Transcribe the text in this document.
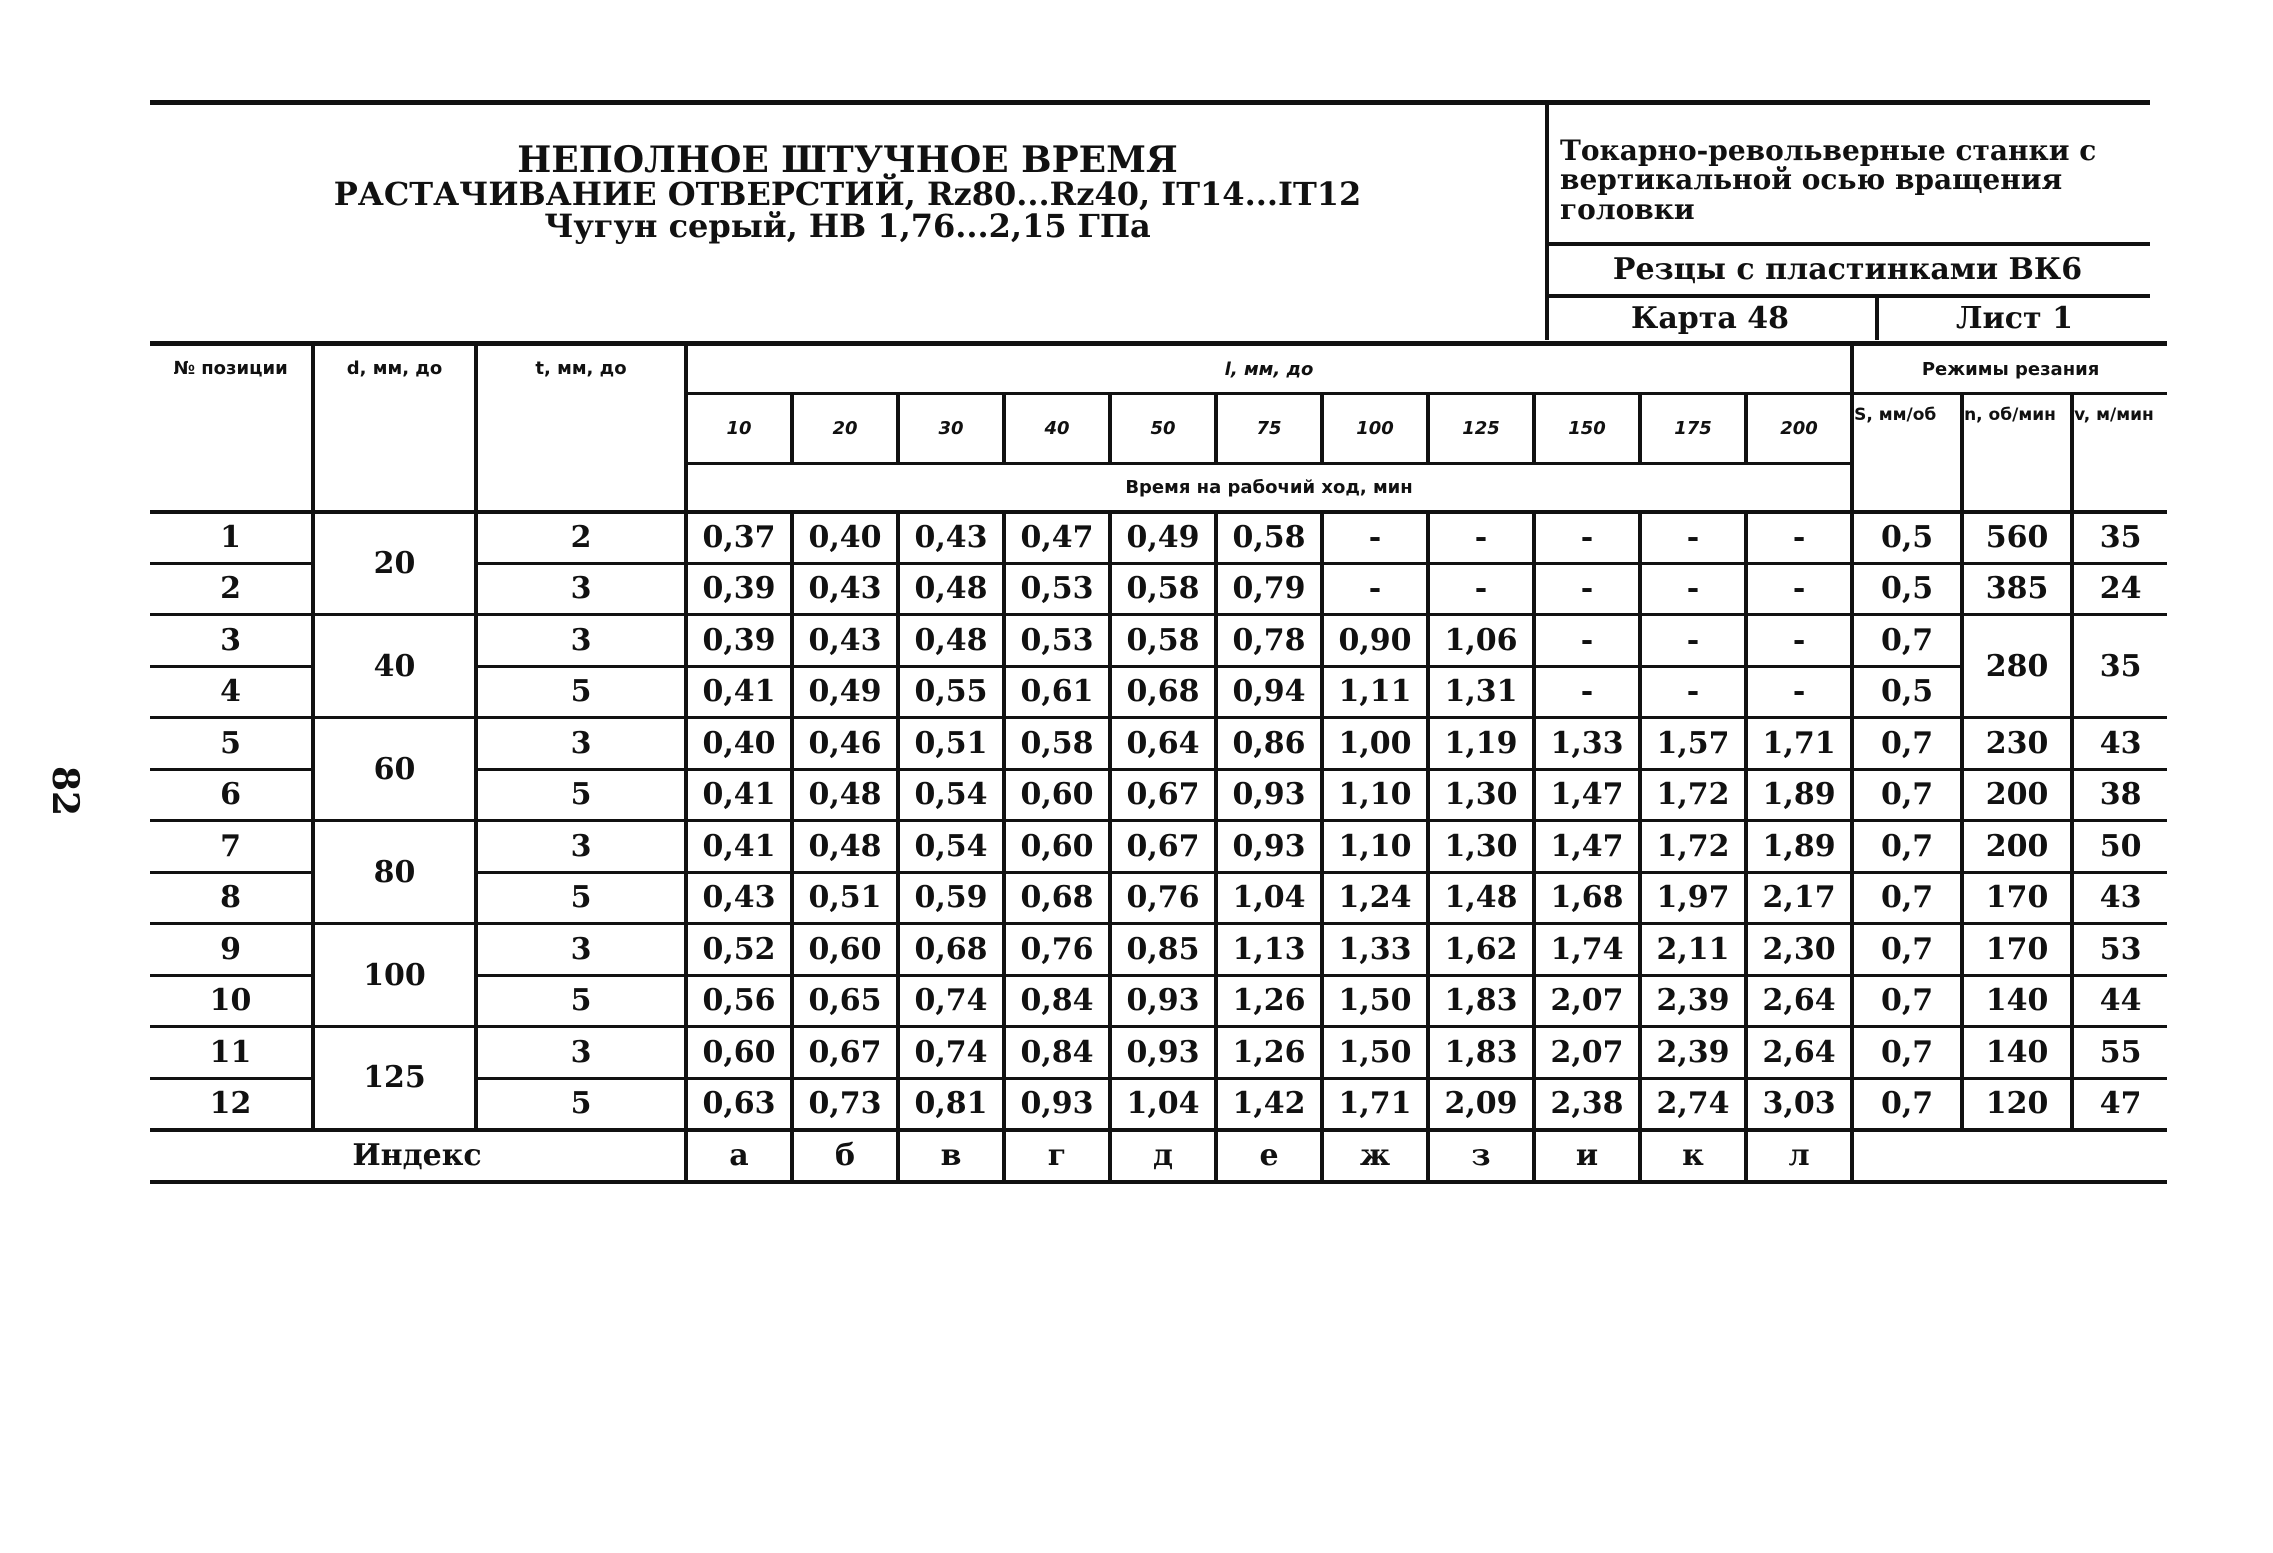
82
НЕПОЛНОЕ ШТУЧНОЕ ВРЕМЯ
РАСТАЧИВАНИЕ ОТВЕРСТИЙ, Rz80...Rz40, IT14...IT12
Чугун серый, НВ 1,76...2,15 ГПа
Токарно-револьверные станки с вертикальной осью вращения головки
Резцы с пластинками ВК6
Карта 48	Лист 1
№ позиции	d, мм, до	t, мм, до	l, мм, до											Режимы резания		
			10	20	30	40	50	75	100	125	150	175	200	S, мм/об	n, об/мин	v, м/мин
			Время на рабочий ход, мин													
1	20	2	0,37	0,40	0,43	0,47	0,49	0,58	-	-	-	-	-	0,5	560	35
2		3	0,39	0,43	0,48	0,53	0,58	0,79	-	-	-	-	-	0,5	385	24
3	40	3	0,39	0,43	0,48	0,53	0,58	0,78	0,90	1,06	-	-	-	0,7	280	35
4		5	0,41	0,49	0,55	0,61	0,68	0,94	1,11	1,31	-	-	-	0,5		
5	60	3	0,40	0,46	0,51	0,58	0,64	0,86	1,00	1,19	1,33	1,57	1,71	0,7	230	43
6		5	0,41	0,48	0,54	0,60	0,67	0,93	1,10	1,30	1,47	1,72	1,89	0,7	200	38
7	80	3	0,41	0,48	0,54	0,60	0,67	0,93	1,10	1,30	1,47	1,72	1,89	0,7	200	50
8		5	0,43	0,51	0,59	0,68	0,76	1,04	1,24	1,48	1,68	1,97	2,17	0,7	170	43
9	100	3	0,52	0,60	0,68	0,76	0,85	1,13	1,33	1,62	1,74	2,11	2,30	0,7	170	53
10		5	0,56	0,65	0,74	0,84	0,93	1,26	1,50	1,83	2,07	2,39	2,64	0,7	140	44
11	125	3	0,60	0,67	0,74	0,84	0,93	1,26	1,50	1,83	2,07	2,39	2,64	0,7	140	55
12		5	0,63	0,73	0,81	0,93	1,04	1,42	1,71	2,09	2,38	2,74	3,03	0,7	120	47
Индекс			а	б	в	г	д	е	ж	з	и	к	л			
